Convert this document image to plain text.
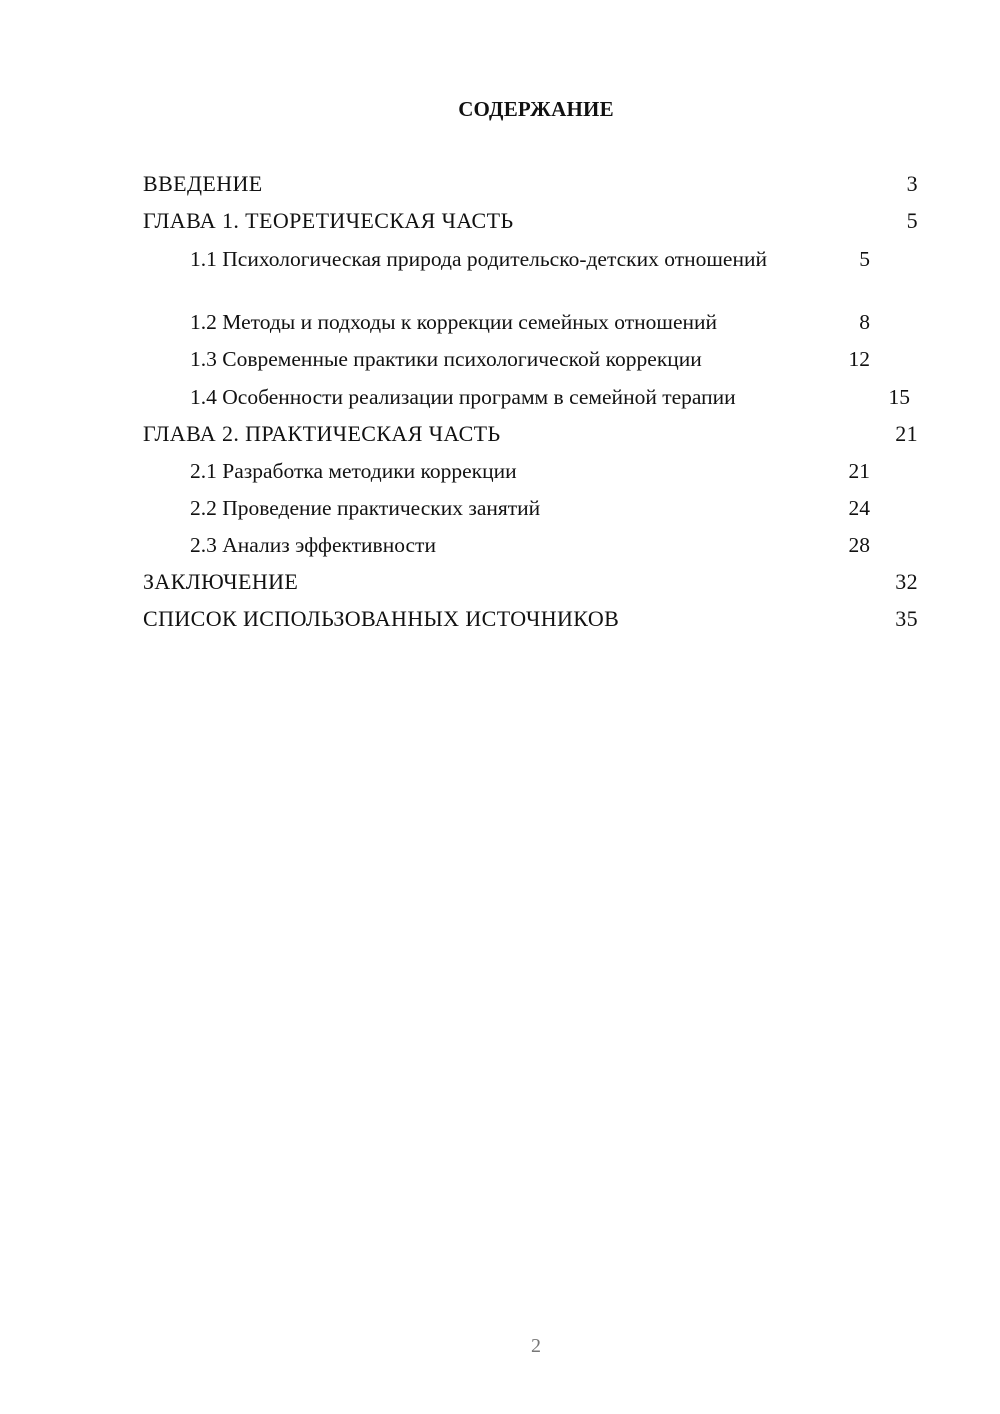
СОДЕРЖАНИЕ
ВВЕДЕНИЕ	3
ГЛАВА 1. ТЕОРЕТИЧЕСКАЯ ЧАСТЬ	5
1.1 Психологическая природа родительско-детских отношений	5
1.2 Методы и подходы к коррекции семейных отношений	8
1.3 Современные практики психологической коррекции	12
1.4 Особенности реализации программ в семейной терапии	15
ГЛАВА 2. ПРАКТИЧЕСКАЯ ЧАСТЬ	21
2.1 Разработка методики коррекции	21
2.2 Проведение практических занятий	24
2.3 Анализ эффективности	28
ЗАКЛЮЧЕНИЕ	32
СПИСОК ИСПОЛЬЗОВАННЫХ ИСТОЧНИКОВ	35
2
